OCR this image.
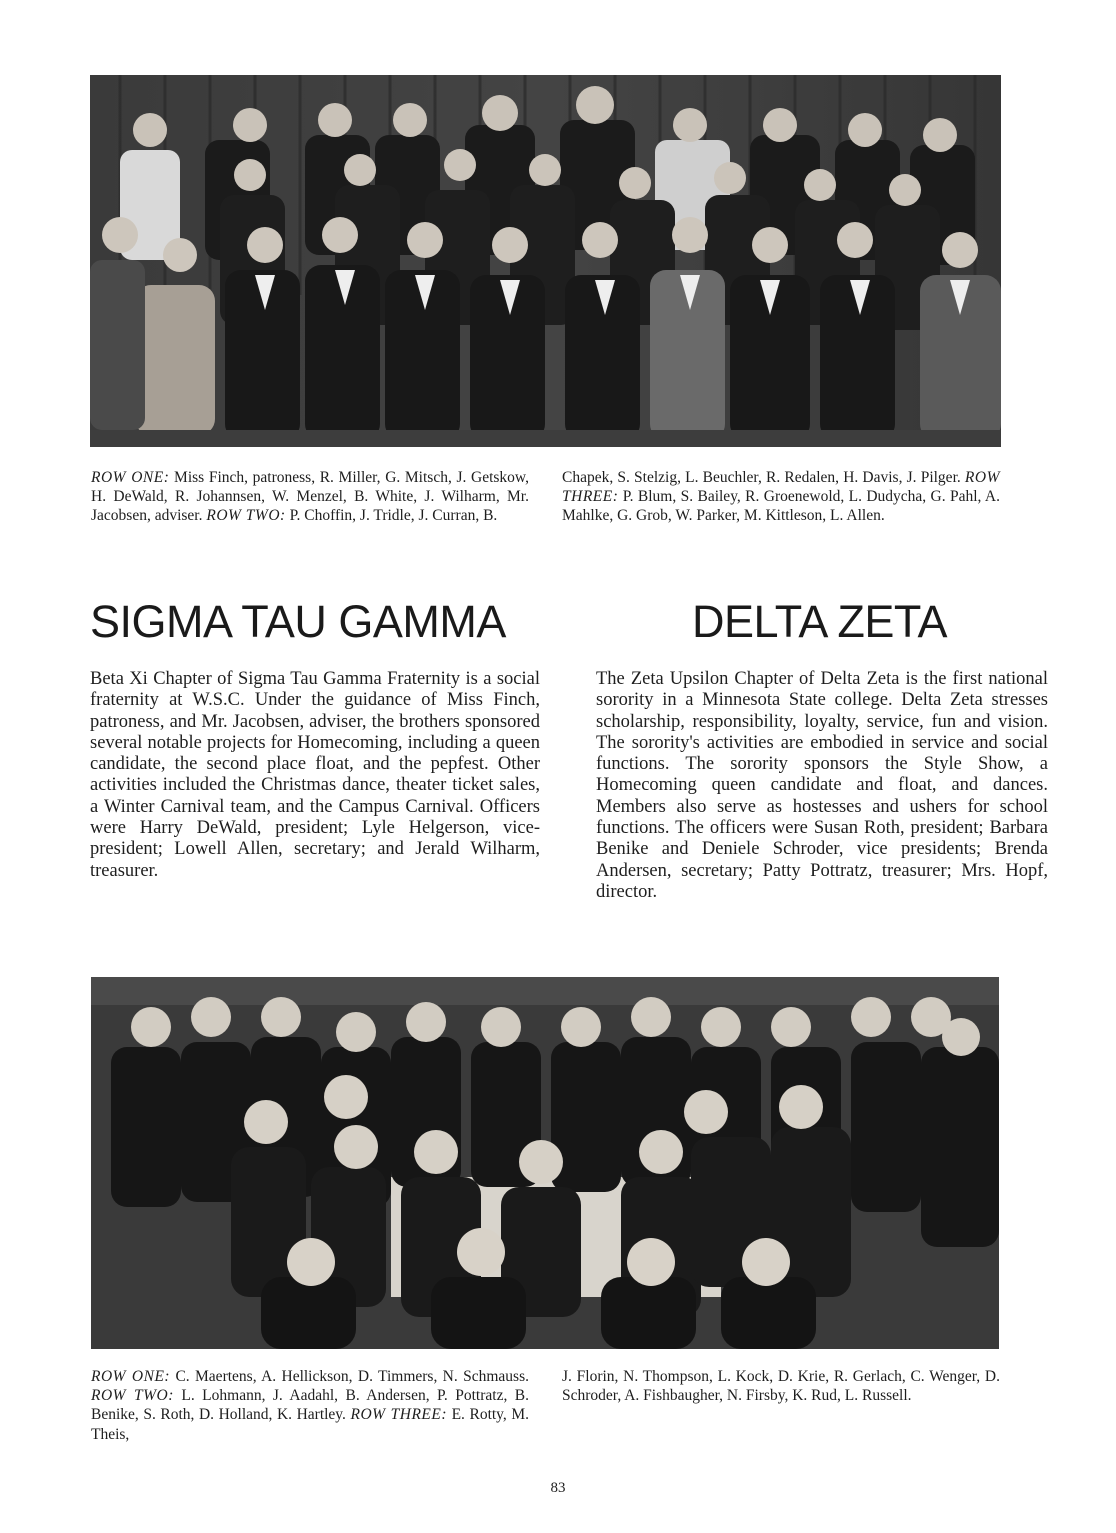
ROW ONE: Miss Finch, patroness, R. Miller, G. Mitsch, J. Getskow, H. DeWald, R. Johannsen, W. Menzel, B. White, J. Wilharm, Mr. Jacobsen, adviser. ROW TWO: P. Choffin, J. Tridle, J. Curran, B.
Chapek, S. Stelzig, L. Beuchler, R. Redalen, H. Davis, J. Pilger. ROW THREE: P. Blum, S. Bailey, R. Groenewold, L. Dudycha, G. Pahl, A. Mahlke, G. Grob, W. Parker, M. Kittleson, L. Allen.
SIGMA TAU GAMMA	DELTA ZETA

Beta Xi Chapter of Sigma Tau Gamma Fraternity is a social fraternity at W.S.C. Under the guidance of Miss Finch, patroness, and Mr. Jacobsen, adviser, the brothers sponsored several notable projects for Homecoming, including a queen candidate, the second place float, and the pepfest. Other activities included the Christmas dance, theater ticket sales, a Winter Carnival team, and the Campus Carnival. Officers were Harry DeWald, president; Lyle Helgerson, vice-president; Lowell Allen, secretary; and Jerald Wilharm, treasurer.

The Zeta Upsilon Chapter of Delta Zeta is the first national sorority in a Minnesota State college. Delta Zeta stresses scholarship, responsibility, loyalty, service, fun and vision. The sorority's activities are embodied in service and social functions. The sorority sponsors the Style Show, a Homecoming queen candidate and float, and dances. Members also serve as hostesses and ushers for school functions. The officers were Susan Roth, president; Barbara Benike and Deniele Schroder, vice presidents; Brenda Andersen, secretary; Patty Pottratz, treasurer; Mrs. Hopf, director.

ROW ONE: C. Maertens, A. Hellickson, D. Timmers, N. Schmauss. ROW TWO: L. Lohmann, J. Aadahl, B. Andersen, P. Pottratz, B. Benike, S. Roth, D. Holland, K. Hartley. ROW THREE: E. Rotty, M. Theis,
J. Florin, N. Thompson, L. Kock, D. Krie, R. Gerlach, C. Wenger, D. Schroder, A. Fishbaugher, N. Firsby, K. Rud, L. Russell.
83
